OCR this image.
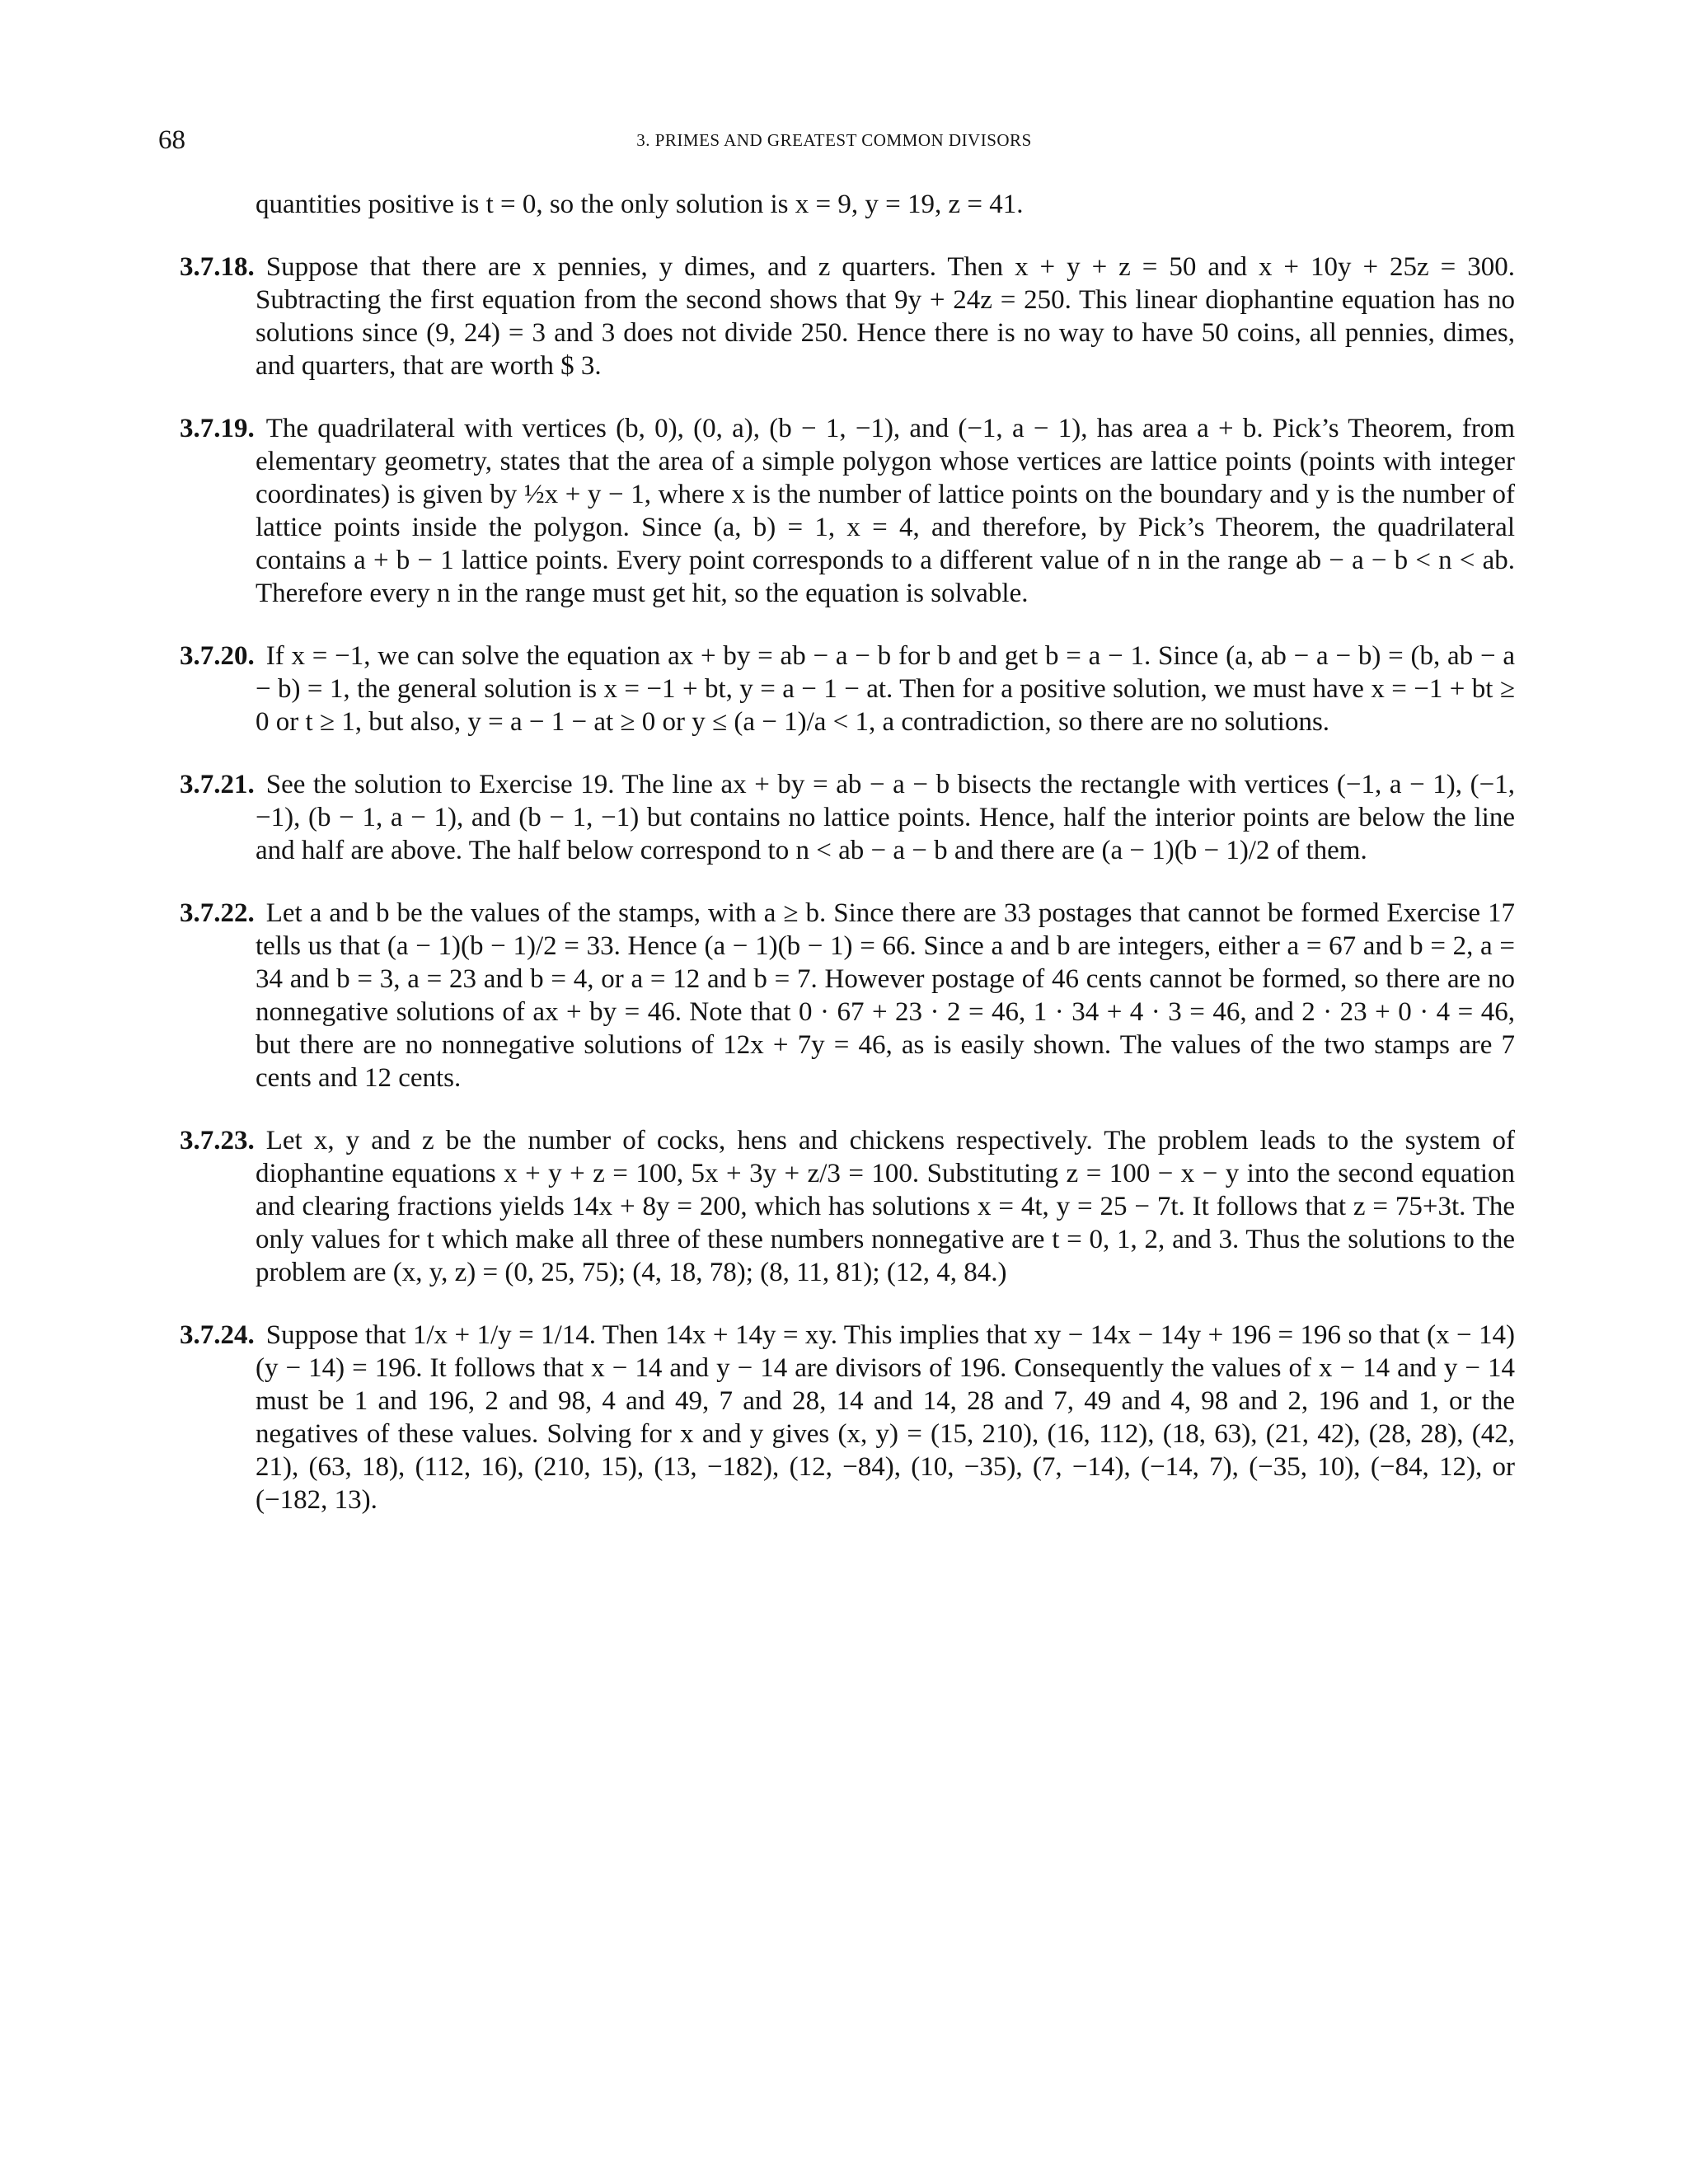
68	3. PRIMES AND GREATEST COMMON DIVISORS

quantities positive is t = 0, so the only solution is x = 9, y = 19, z = 41.

3.7.18. Suppose that there are x pennies, y dimes, and z quarters. Then x + y + z = 50 and x + 10y + 25z = 300. Subtracting the first equation from the second shows that 9y + 24z = 250. This linear diophantine equation has no solutions since (9, 24) = 3 and 3 does not divide 250. Hence there is no way to have 50 coins, all pennies, dimes, and quarters, that are worth $ 3.

3.7.19. The quadrilateral with vertices (b, 0), (0, a), (b − 1, −1), and (−1, a − 1), has area a + b. Pick’s Theorem, from elementary geometry, states that the area of a simple polygon whose vertices are lattice points (points with integer coordinates) is given by ½x + y − 1, where x is the number of lattice points on the boundary and y is the number of lattice points inside the polygon. Since (a, b) = 1, x = 4, and therefore, by Pick’s Theorem, the quadrilateral contains a + b − 1 lattice points. Every point corresponds to a different value of n in the range ab − a − b < n < ab. Therefore every n in the range must get hit, so the equation is solvable.

3.7.20. If x = −1, we can solve the equation ax + by = ab − a − b for b and get b = a − 1. Since (a, ab − a − b) = (b, ab − a − b) = 1, the general solution is x = −1 + bt, y = a − 1 − at. Then for a positive solution, we must have x = −1 + bt ≥ 0 or t ≥ 1, but also, y = a − 1 − at ≥ 0 or y ≤ (a − 1)/a < 1, a contradiction, so there are no solutions.

3.7.21. See the solution to Exercise 19. The line ax + by = ab − a − b bisects the rectangle with vertices (−1, a − 1), (−1, −1), (b − 1, a − 1), and (b − 1, −1) but contains no lattice points. Hence, half the interior points are below the line and half are above. The half below correspond to n < ab − a − b and there are (a − 1)(b − 1)/2 of them.

3.7.22. Let a and b be the values of the stamps, with a ≥ b. Since there are 33 postages that cannot be formed Exercise 17 tells us that (a − 1)(b − 1)/2 = 33. Hence (a − 1)(b − 1) = 66. Since a and b are integers, either a = 67 and b = 2, a = 34 and b = 3, a = 23 and b = 4, or a = 12 and b = 7. However postage of 46 cents cannot be formed, so there are no nonnegative solutions of ax + by = 46. Note that 0 · 67 + 23 · 2 = 46, 1 · 34 + 4 · 3 = 46, and 2 · 23 + 0 · 4 = 46, but there are no nonnegative solutions of 12x + 7y = 46, as is easily shown. The values of the two stamps are 7 cents and 12 cents.

3.7.23. Let x, y and z be the number of cocks, hens and chickens respectively. The problem leads to the system of diophantine equations x + y + z = 100, 5x + 3y + z/3 = 100. Substituting z = 100 − x − y into the second equation and clearing fractions yields 14x + 8y = 200, which has solutions x = 4t, y = 25 − 7t. It follows that z = 75+3t. The only values for t which make all three of these numbers nonnegative are t = 0, 1, 2, and 3. Thus the solutions to the problem are (x, y, z) = (0, 25, 75); (4, 18, 78); (8, 11, 81); (12, 4, 84.)

3.7.24. Suppose that 1/x + 1/y = 1/14. Then 14x + 14y = xy. This implies that xy − 14x − 14y + 196 = 196 so that (x − 14)(y − 14) = 196. It follows that x − 14 and y − 14 are divisors of 196. Consequently the values of x − 14 and y − 14 must be 1 and 196, 2 and 98, 4 and 49, 7 and 28, 14 and 14, 28 and 7, 49 and 4, 98 and 2, 196 and 1, or the negatives of these values. Solving for x and y gives (x, y) = (15, 210), (16, 112), (18, 63), (21, 42), (28, 28), (42, 21), (63, 18), (112, 16), (210, 15), (13, −182), (12, −84), (10, −35), (7, −14), (−14, 7), (−35, 10), (−84, 12), or (−182, 13).
